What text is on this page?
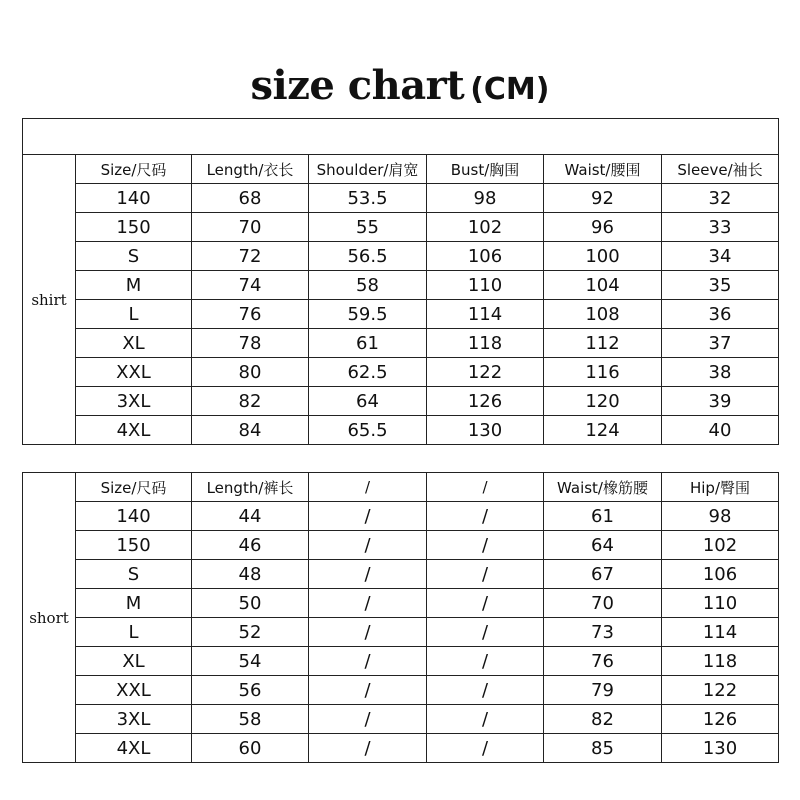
size chart (CM)

shirt	Size/尺码	Length/衣长	Shoulder/肩宽	Bust/胸围	Waist/腰围	Sleeve/袖长
	140	68	53.5	98	92	32
	150	70	55	102	96	33
	S	72	56.5	106	100	34
	M	74	58	110	104	35
	L	76	59.5	114	108	36
	XL	78	61	118	112	37
	XXL	80	62.5	122	116	38
	3XL	82	64	126	120	39
	4XL	84	65.5	130	124	40
short	Size/尺码	Length/裤长	/	/	Waist/橡筋腰	Hip/臀围
	140	44	/	/	61	98
	150	46	/	/	64	102
	S	48	/	/	67	106
	M	50	/	/	70	110
	L	52	/	/	73	114
	XL	54	/	/	76	118
	XXL	56	/	/	79	122
	3XL	58	/	/	82	126
	4XL	60	/	/	85	130
